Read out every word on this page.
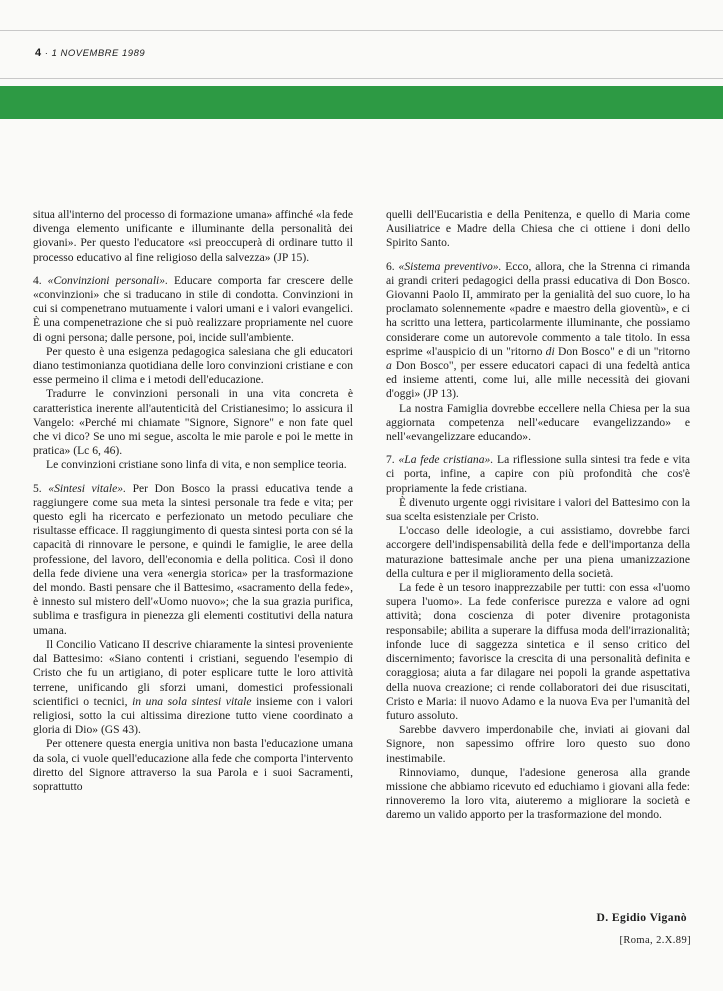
4 · 1 NOVEMBRE 1989

situa all'interno del processo di formazione umana» affinché «la fede divenga elemento unificante e illuminante della personalità dei giovani». Per questo l'educatore «si preoccuperà di ordinare tutto il processo educativo al fine religioso della salvezza» (JP 15).

4. «Convinzioni personali». Educare comporta far crescere delle «convinzioni» che si traducano in stile di condotta. Convinzioni in cui si compenetrano mutuamente i valori umani e i valori evangelici. È una compenetrazione che si può realizzare propriamente nel cuore di ogni persona; dalle persone, poi, incide sull'ambiente.

Per questo è una esigenza pedagogica salesiana che gli educatori diano testimonianza quotidiana delle loro convinzioni cristiane e con esse permeino il clima e i metodi dell'educazione.

Tradurre le convinzioni personali in una vita concreta è caratteristica inerente all'autenticità del Cristianesimo; lo assicura il Vangelo: «Perché mi chiamate "Signore, Signore" e non fate quel che vi dico? Se uno mi segue, ascolta le mie parole e poi le mette in pratica» (Lc 6, 46).

Le convinzioni cristiane sono linfa di vita, e non semplice teoria.

5. «Sintesi vitale». Per Don Bosco la prassi educativa tende a raggiungere come sua meta la sintesi personale tra fede e vita; per questo egli ha ricercato e perfezionato un metodo peculiare che risultasse efficace. Il raggiungimento di questa sintesi porta con sé la capacità di rinnovare le persone, e quindi le famiglie, le aree della professione, del lavoro, dell'economia e della politica. Così il dono della fede diviene una vera «energia storica» per la trasformazione del mondo. Basti pensare che il Battesimo, «sacramento della fede», è innesto sul mistero dell'«Uomo nuovo»; che la sua grazia purifica, sublima e trasfigura in pienezza gli elementi costitutivi della natura umana.

Il Concilio Vaticano II descrive chiaramente la sintesi proveniente dal Battesimo: «Siano contenti i cristiani, seguendo l'esempio di Cristo che fu un artigiano, di poter esplicare tutte le loro attività terrene, unificando gli sforzi umani, domestici professionali scientifici o tecnici, in una sola sintesi vitale insieme con i valori religiosi, sotto la cui altissima direzione tutto viene coordinato a gloria di Dio» (GS 43).

Per ottenere questa energia unitiva non basta l'educazione umana da sola, ci vuole quell'educazione alla fede che comporta l'intervento diretto del Signore attraverso la sua Parola e i suoi Sacramenti, soprattutto

quelli dell'Eucaristia e della Penitenza, e quello di Maria come Ausiliatrice e Madre della Chiesa che ci ottiene i doni dello Spirito Santo.

6. «Sistema preventivo». Ecco, allora, che la Strenna ci rimanda ai grandi criteri pedagogici della prassi educativa di Don Bosco. Giovanni Paolo II, ammirato per la genialità del suo cuore, lo ha proclamato solennemente «padre e maestro della gioventù», e ci ha scritto una lettera, particolarmente illuminante, che possiamo considerare come un autorevole commento a tale titolo. In essa esprime «l'auspicio di un "ritorno di Don Bosco" e di un "ritorno a Don Bosco", per essere educatori capaci di una fedeltà antica ed insieme attenti, come lui, alle mille necessità dei giovani d'oggi» (JP 13).

La nostra Famiglia dovrebbe eccellere nella Chiesa per la sua aggiornata competenza nell'«educare evangelizzando» e nell'«evangelizzare educando».

7. «La fede cristiana». La riflessione sulla sintesi tra fede e vita ci porta, infine, a capire con più profondità che cos'è propriamente la fede cristiana.

È divenuto urgente oggi rivisitare i valori del Battesimo con la sua scelta esistenziale per Cristo.

L'occaso delle ideologie, a cui assistiamo, dovrebbe farci accorgere dell'indispensabilità della fede e dell'importanza della maturazione battesimale anche per una piena umanizzazione della cultura e per il miglioramento della società.

La fede è un tesoro inapprezzabile per tutti: con essa «l'uomo supera l'uomo». La fede conferisce purezza e valore ad ogni attività; dona coscienza di poter divenire protagonista responsabile; abilita a superare la diffusa moda dell'irrazionalità; infonde luce di saggezza sintetica e il senso critico del discernimento; favorisce la crescita di una personalità definita e coraggiosa; aiuta a far dilagare nei popoli la grande aspettativa della nuova creazione; ci rende collaboratori dei due risuscitati, Cristo e Maria: il nuovo Adamo e la nuova Eva per l'umanità del futuro assoluto.

Sarebbe davvero imperdonabile che, inviati ai giovani dal Signore, non sapessimo offrire loro questo suo dono inestimabile.

Rinnoviamo, dunque, l'adesione generosa alla grande missione che abbiamo ricevuto ed educhiamo i giovani alla fede: rinnoveremo la loro vita, aiuteremo a migliorare la società e daremo un valido apporto per la trasformazione del mondo.

D. Egidio Viganò
[Roma, 2.X.89]
